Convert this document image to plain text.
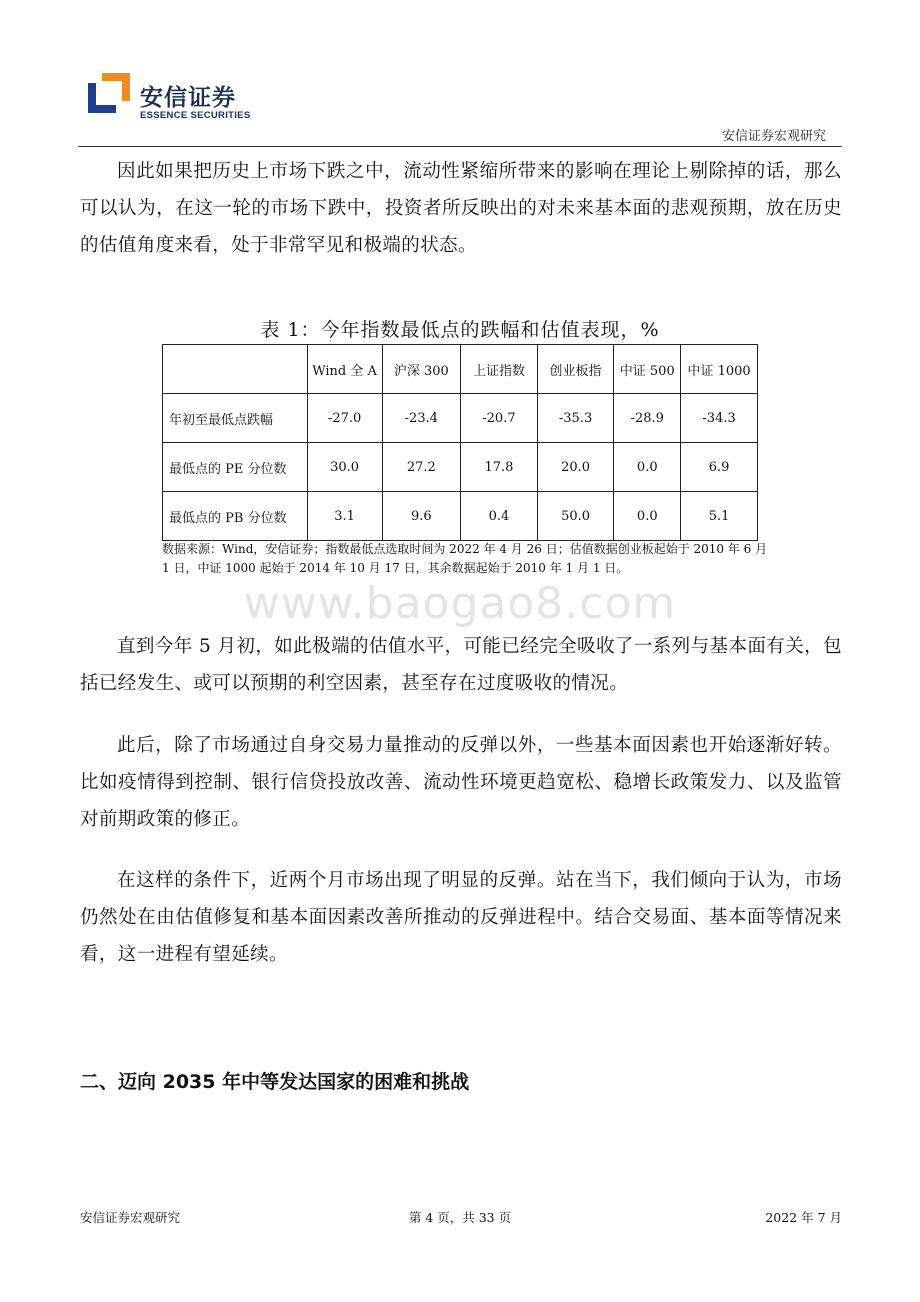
安信证券
ESSENCE SECURITIES
安信证券宏观研究

因此如果把历史上市场下跌之中，流动性紧缩所带来的影响在理论上剔除掉的话，那么可以认为，在这一轮的市场下跌中，投资者所反映出的对未来基本面的悲观预期，放在历史的估值角度来看，处于非常罕见和极端的状态。

表 1：今年指数最低点的跌幅和估值表现，%
	Wind 全 A	沪深 300	上证指数	创业板指	中证 500	中证 1000
年初至最低点跌幅	-27.0	-23.4	-20.7	-35.3	-28.9	-34.3
最低点的 PE 分位数	30.0	27.2	17.8	20.0	0.0	6.9
最低点的 PB 分位数	3.1	9.6	0.4	50.0	0.0	5.1

数据来源：Wind，安信证券；指数最低点选取时间为 2022 年 4 月 26 日；估值数据创业板起始于 2010 年 6 月 1 日，中证 1000 起始于 2014 年 10 月 17 日，其余数据起始于 2010 年 1 月 1 日。

www.baogao8.com

直到今年 5 月初，如此极端的估值水平，可能已经完全吸收了一系列与基本面有关，包括已经发生、或可以预期的利空因素，甚至存在过度吸收的情况。

此后，除了市场通过自身交易力量推动的反弹以外，一些基本面因素也开始逐渐好转。比如疫情得到控制、银行信贷投放改善、流动性环境更趋宽松、稳增长政策发力、以及监管对前期政策的修正。

在这样的条件下，近两个月市场出现了明显的反弹。站在当下，我们倾向于认为，市场仍然处在由估值修复和基本面因素改善所推动的反弹进程中。结合交易面、基本面等情况来看，这一进程有望延续。

二、迈向 2035 年中等发达国家的困难和挑战
安信证券宏观研究	第 4 页，共 33 页	2022 年 7 月
